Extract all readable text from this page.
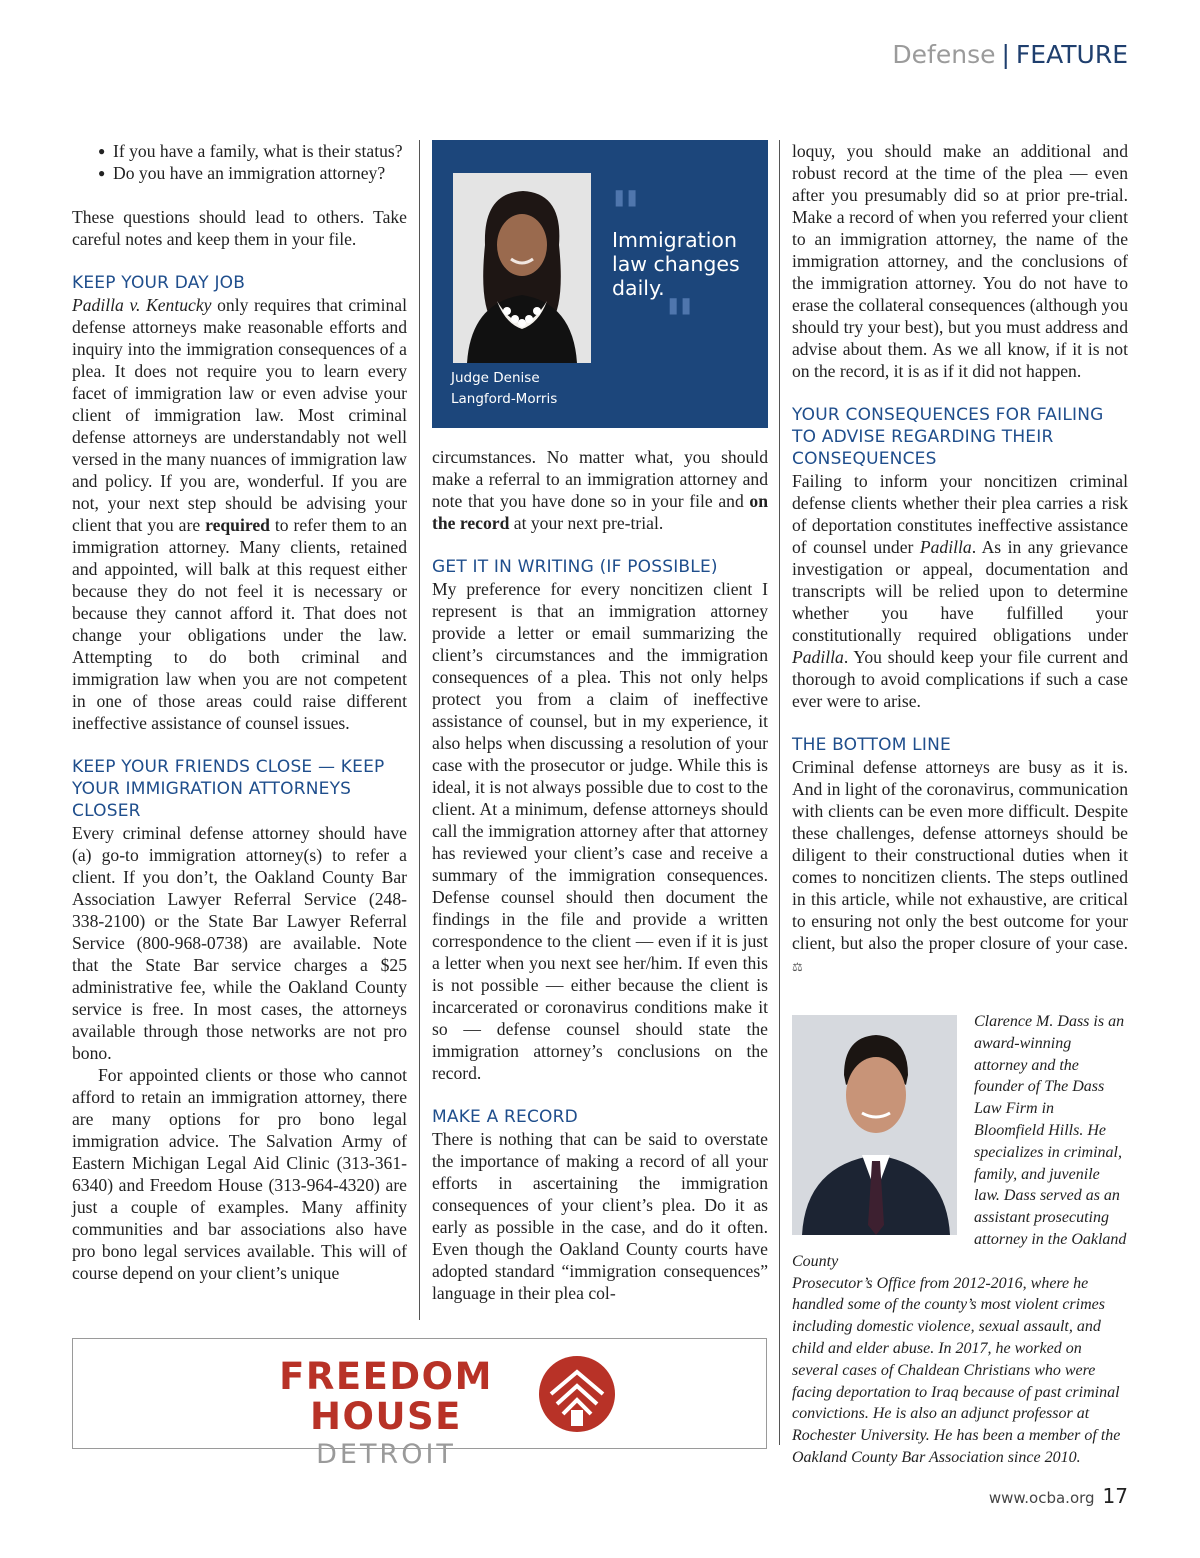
Defense | FEATURE
● If you have a family, what is their status?
● Do you have an immigration attorney?

These questions should lead to others. Take careful notes and keep them in your file.

KEEP YOUR DAY JOB

Padilla v. Kentucky only requires that criminal defense attorneys make reasonable efforts and inquiry into the immigration consequences of a plea. It does not require you to learn every facet of immigration law or even advise your client of immigration law. Most criminal defense attorneys are understandably not well versed in the many nuances of immigration law and policy. If you are, wonderful. If you are not, your next step should be advising your client that you are required to refer them to an immigration attorney. Many clients, retained and appointed, will balk at this request either because they do not feel it is necessary or because they cannot afford it. That does not change your obligations under the law. Attempting to do both criminal and immigration law when you are not competent in one of those areas could raise different ineffective assistance of counsel issues.

KEEP YOUR FRIENDS CLOSE — KEEP YOUR IMMIGRATION ATTORNEYS CLOSER

Every criminal defense attorney should have (a) go-to immigration attorney(s) to refer a client. If you don’t, the Oakland County Bar Association Lawyer Referral Service (248-338-2100) or the State Bar Lawyer Referral Service (800-968-0738) are available. Note that the State Bar service charges a $25 administrative fee, while the Oakland County service is free. In most cases, the attorneys available through those networks are not pro bono.

For appointed clients or those who cannot afford to retain an immigration attorney, there are many options for pro bono legal immigration advice. The Salvation Army of Eastern Michigan Legal Aid Clinic (313-361-6340) and Freedom House (313-964-4320) are just a couple of examples. Many affinity communities and bar associations also have pro bono legal services available. This will of course depend on your client’s unique

"
Immigration law changes daily. "
Judge Denise Langford-Morris

circumstances. No matter what, you should make a referral to an immigration attorney and note that you have done so in your file and on the record at your next pre-trial.

GET IT IN WRITING (IF POSSIBLE)

My preference for every noncitizen client I represent is that an immigration attorney provide a letter or email summarizing the client’s circumstances and the immigration consequences of a plea. This not only helps protect you from a claim of ineffective assistance of counsel, but in my experience, it also helps when discussing a resolution of your case with the prosecutor or judge. While this is ideal, it is not always possible due to cost to the client. At a minimum, defense attorneys should call the immigration attorney after that attorney has reviewed your client’s case and receive a summary of the immigration consequences. Defense counsel should then document the findings in the file and provide a written correspondence to the client — even if it is just a letter when you next see her/him. If even this is not possible — either because the client is incarcerated or coronavirus conditions make it so — defense counsel should state the immigration attorney’s conclusions on the record.

MAKE A RECORD

There is nothing that can be said to overstate the importance of making a record of all your efforts in ascertaining the immigration consequences of your client’s plea. Do it as early as possible in the case, and do it often. Even though the Oakland County courts have adopted standard “immigration consequences” language in their plea col-

loquy, you should make an additional and robust record at the time of the plea — even after you presumably did so at prior pre-trial. Make a record of when you referred your client to an immigration attorney, the name of the immigration attorney, and the conclusions of the immigration attorney. You do not have to erase the collateral consequences (although you should try your best), but you must address and advise about them. As we all know, if it is not on the record, it is as if it did not happen.

YOUR CONSEQUENCES FOR FAILING TO ADVISE REGARDING THEIR CONSEQUENCES

Failing to inform your noncitizen criminal defense clients whether their plea carries a risk of deportation constitutes ineffective assistance of counsel under Padilla. As in any grievance investigation or appeal, documentation and transcripts will be relied upon to determine whether you have fulfilled your constitutionally required obligations under Padilla. You should keep your file current and thorough to avoid complications if such a case ever were to arise.

THE BOTTOM LINE

Criminal defense attorneys are busy as it is. And in light of the coronavirus, communication with clients can be even more difficult. Despite these challenges, defense attorneys should be diligent to their constructional duties when it comes to noncitizen clients. The steps outlined in this article, while not exhaustive, are critical to ensuring not only the best outcome for your client, but also the proper closure of your case. ⚖

Clarence M. Dass is an award-winning attorney and the founder of The Dass Law Firm in Bloomfield Hills. He specializes in criminal, family, and juvenile law. Dass served as an assistant prosecuting attorney in the Oakland County

Prosecutor’s Office from 2012-2016, where he handled some of the county’s most violent crimes including domestic violence, sexual assault, and child and elder abuse. In 2017, he worked on several cases of Chaldean Christians who were facing deportation to Iraq because of past criminal convictions. He is also an adjunct professor at Rochester University. He has been a member of the Oakland County Bar Association since 2010.

FREEDOM HOUSE
DETROIT
www.ocba.org 17
